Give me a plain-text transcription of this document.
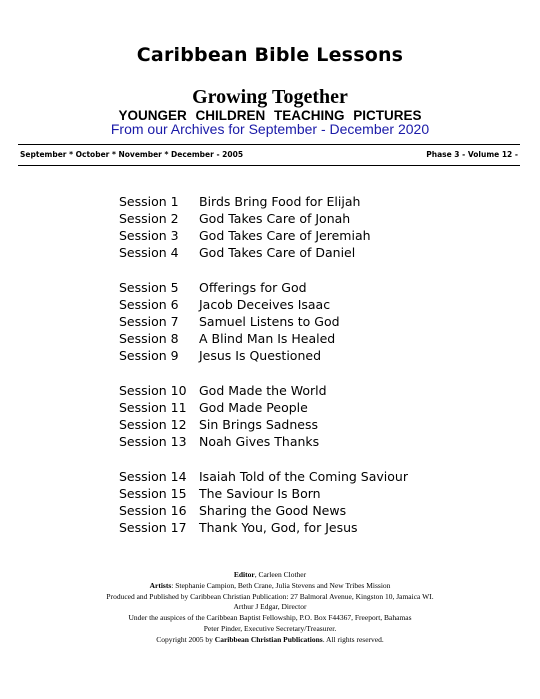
Caribbean Bible Lessons
Growing Together
YOUNGER CHILDREN TEACHING PICTURES
From our Archives for September - December 2020
September * October * November * December - 2005	Phase 3 - Volume 12 -
Session 1 Birds Bring Food for Elijah
Session 2 God Takes Care of Jonah
Session 3 God Takes Care of Jeremiah
Session 4 God Takes Care of Daniel
Session 5 Offerings for God
Session 6 Jacob Deceives Isaac
Session 7 Samuel Listens to God
Session 8 A Blind Man Is Healed
Session 9 Jesus Is Questioned
Session 10 God Made the World
Session 11 God Made People
Session 12 Sin Brings Sadness
Session 13 Noah Gives Thanks
Session 14 Isaiah Told of the Coming Saviour
Session 15 The Saviour Is Born
Session 16 Sharing the Good News
Session 17 Thank You, God, for Jesus
Editor, Carleen Clother
Artists: Stephanie Campion, Beth Crane, Julia Stevens and New Tribes Mission
Produced and Published by Caribbean Christian Publication: 27 Balmoral Avenue, Kingston 10, Jamaica WI.
Arthur J Edgar, Director
Under the auspices of the Caribbean Baptist Fellowship, P.O. Box F44367, Freeport, Bahamas
Peter Pinder, Executive Secretary/Treasurer.
Copyright 2005 by Caribbean Christian Publications. All rights reserved.
